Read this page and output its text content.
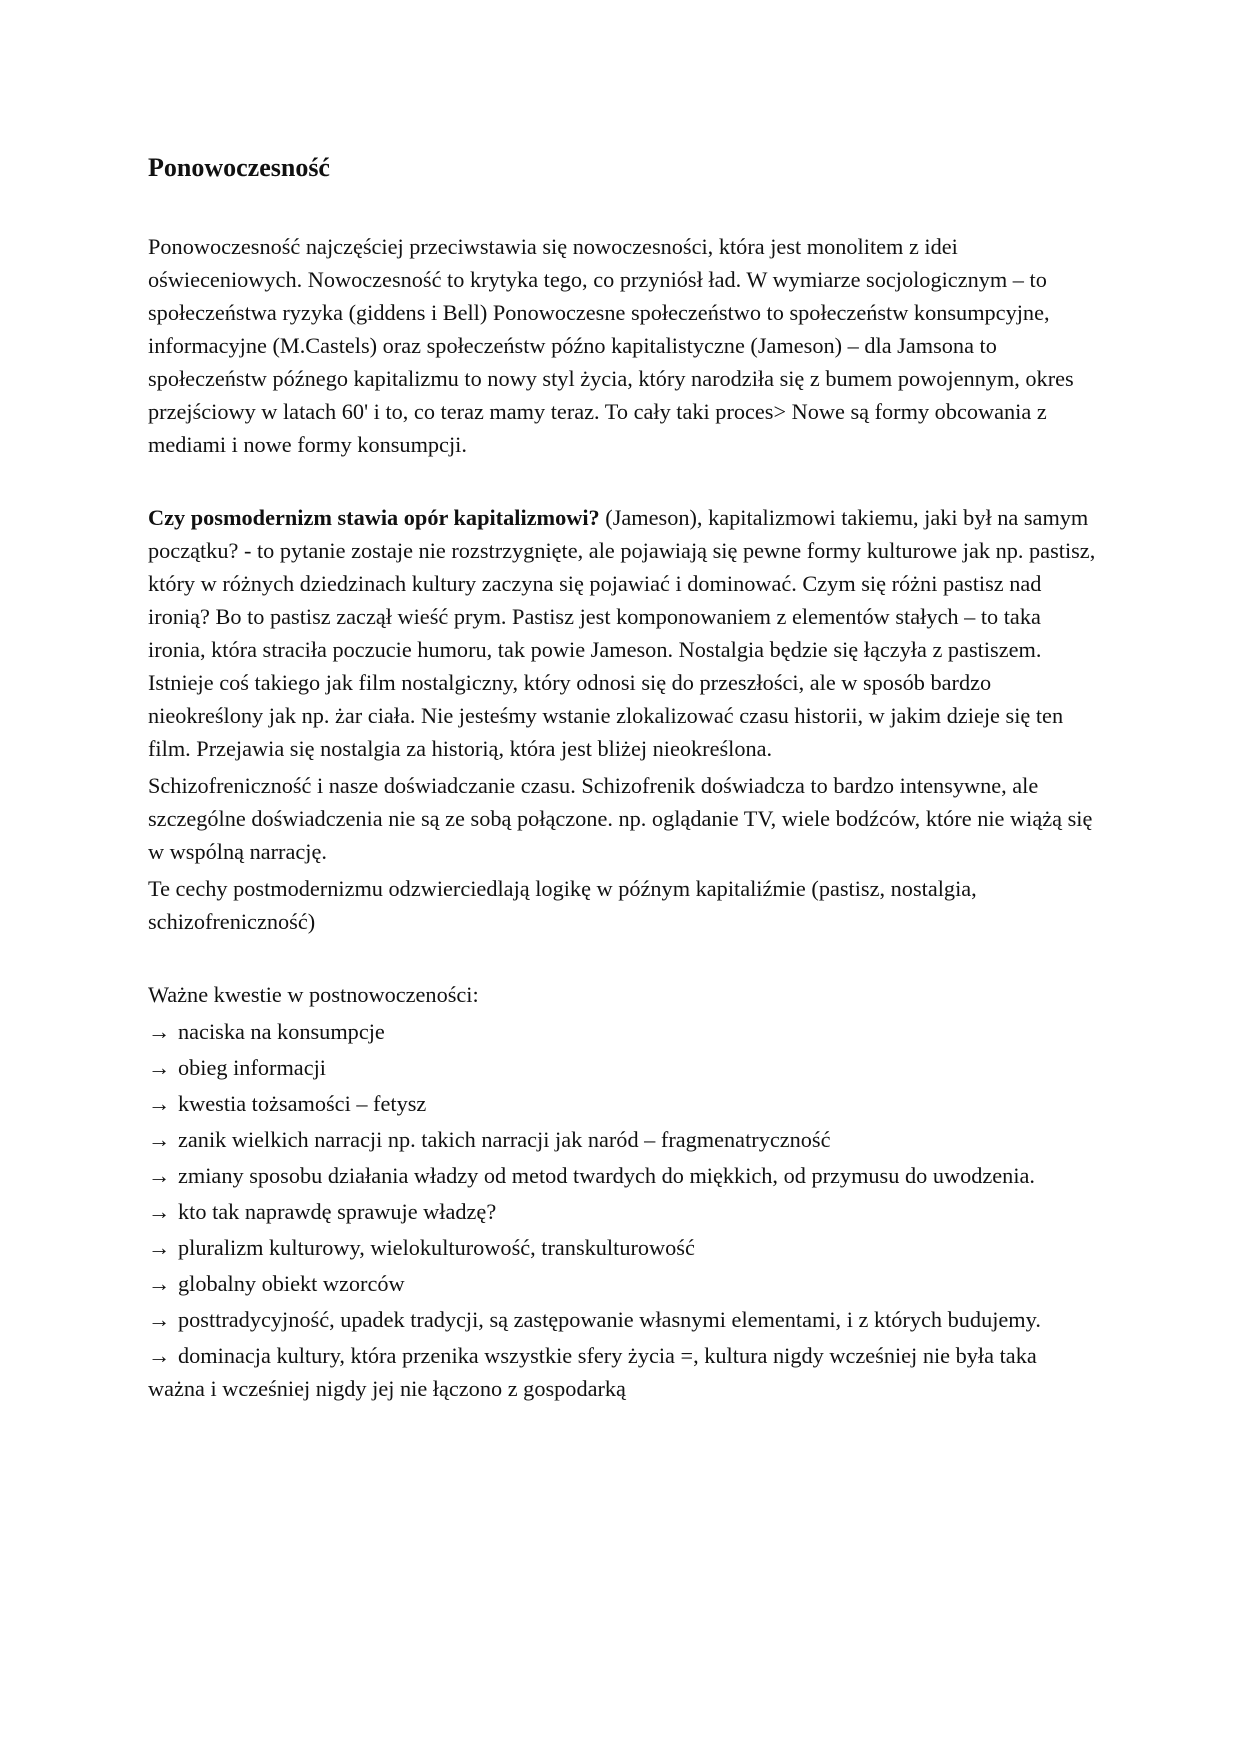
Ponowoczesność

Ponowoczesność najczęściej przeciwstawia się nowoczesności, która jest monolitem z idei oświeceniowych. Nowoczesność to krytyka tego, co przyniósł ład. W wymiarze socjologicznym – to społeczeństwa ryzyka (giddens i Bell) Ponowoczesne społeczeństwo to społeczeństw konsumpcyjne, informacyjne (M.Castels) oraz społeczeństw późno kapitalistyczne (Jameson) – dla Jamsona to społeczeństw późnego kapitalizmu to nowy styl życia, który narodziła się z bumem powojennym, okres przejściowy w latach 60' i to, co teraz mamy teraz. To cały taki proces> Nowe są formy obcowania z mediami i nowe formy konsumpcji.

Czy posmodernizm stawia opór kapitalizmowi? (Jameson), kapitalizmowi takiemu, jaki był na samym początku? - to pytanie zostaje nie rozstrzygnięte, ale pojawiają się pewne formy kulturowe jak np. pastisz, który w różnych dziedzinach kultury zaczyna się pojawiać i dominować. Czym się różni pastisz nad ironią? Bo to pastisz zaczął wieść prym. Pastisz jest komponowaniem z elementów stałych – to taka ironia, która straciła poczucie humoru, tak powie Jameson. Nostalgia będzie się łączyła z pastiszem. Istnieje coś takiego jak film nostalgiczny, który odnosi się do przeszłości, ale w sposób bardzo nieokreślony jak np. żar ciała. Nie jesteśmy wstanie zlokalizować czasu historii, w jakim dzieje się ten film. Przejawia się nostalgia za historią, która jest bliżej nieokreślona.

Schizofreniczność i nasze doświadczanie czasu. Schizofrenik doświadcza to bardzo intensywne, ale szczególne doświadczenia nie są ze sobą połączone. np. oglądanie TV, wiele bodźców, które nie wiążą się w wspólną narrację.

Te cechy postmodernizmu odzwierciedlają logikę w późnym kapitaliźmie (pastisz, nostalgia, schizofreniczność)

Ważne kwestie w postnowoczeności:

→ naciska na konsumpcje
→ obieg informacji
→ kwestia tożsamości – fetysz
→ zanik wielkich narracji np. takich narracji jak naród – fragmenatryczność
→ zmiany sposobu działania władzy od metod twardych do miękkich, od przymusu do uwodzenia.
→ kto tak naprawdę sprawuje władzę?
→ pluralizm kulturowy, wielokulturowość, transkulturowość
→ globalny obiekt wzorców
→ posttradycyjność, upadek tradycji, są zastępowanie własnymi elementami, i z których budujemy.
→ dominacja kultury, która przenika wszystkie sfery życia =, kultura nigdy wcześniej nie była taka ważna i wcześniej nigdy jej nie łączono z gospodarką
